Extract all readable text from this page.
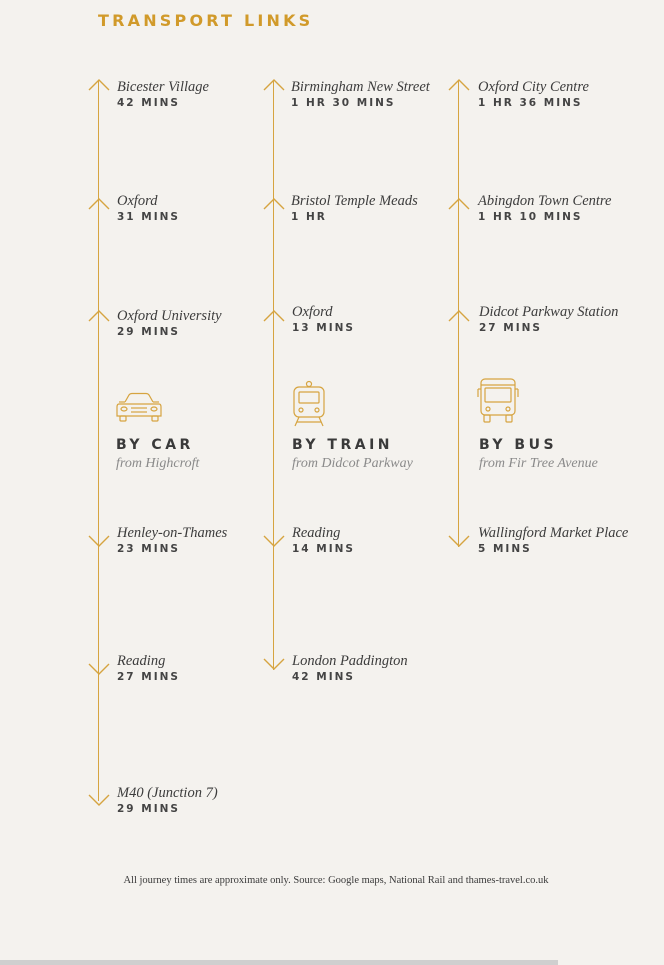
TRANSPORT LINKS
Bicester Village
42 MINS
Oxford
31 MINS
Oxford University
29 MINS
BY CAR
from Highcroft
Henley-on-Thames
23 MINS
Reading
27 MINS
M40 (Junction 7)
29 MINS
Birmingham New Street
1 HR 30 MINS
Bristol Temple Meads
1 HR
Oxford
13 MINS
BY TRAIN
from Didcot Parkway
Reading
14 MINS
London Paddington
42 MINS
Oxford City Centre
1 HR 36 MINS
Abingdon Town Centre
1 HR 10 MINS
Didcot Parkway Station
27 MINS
BY BUS
from Fir Tree Avenue
Wallingford Market Place
5 MINS
All journey times are approximate only. Source: Google maps, National Rail and thames-travel.co.uk
